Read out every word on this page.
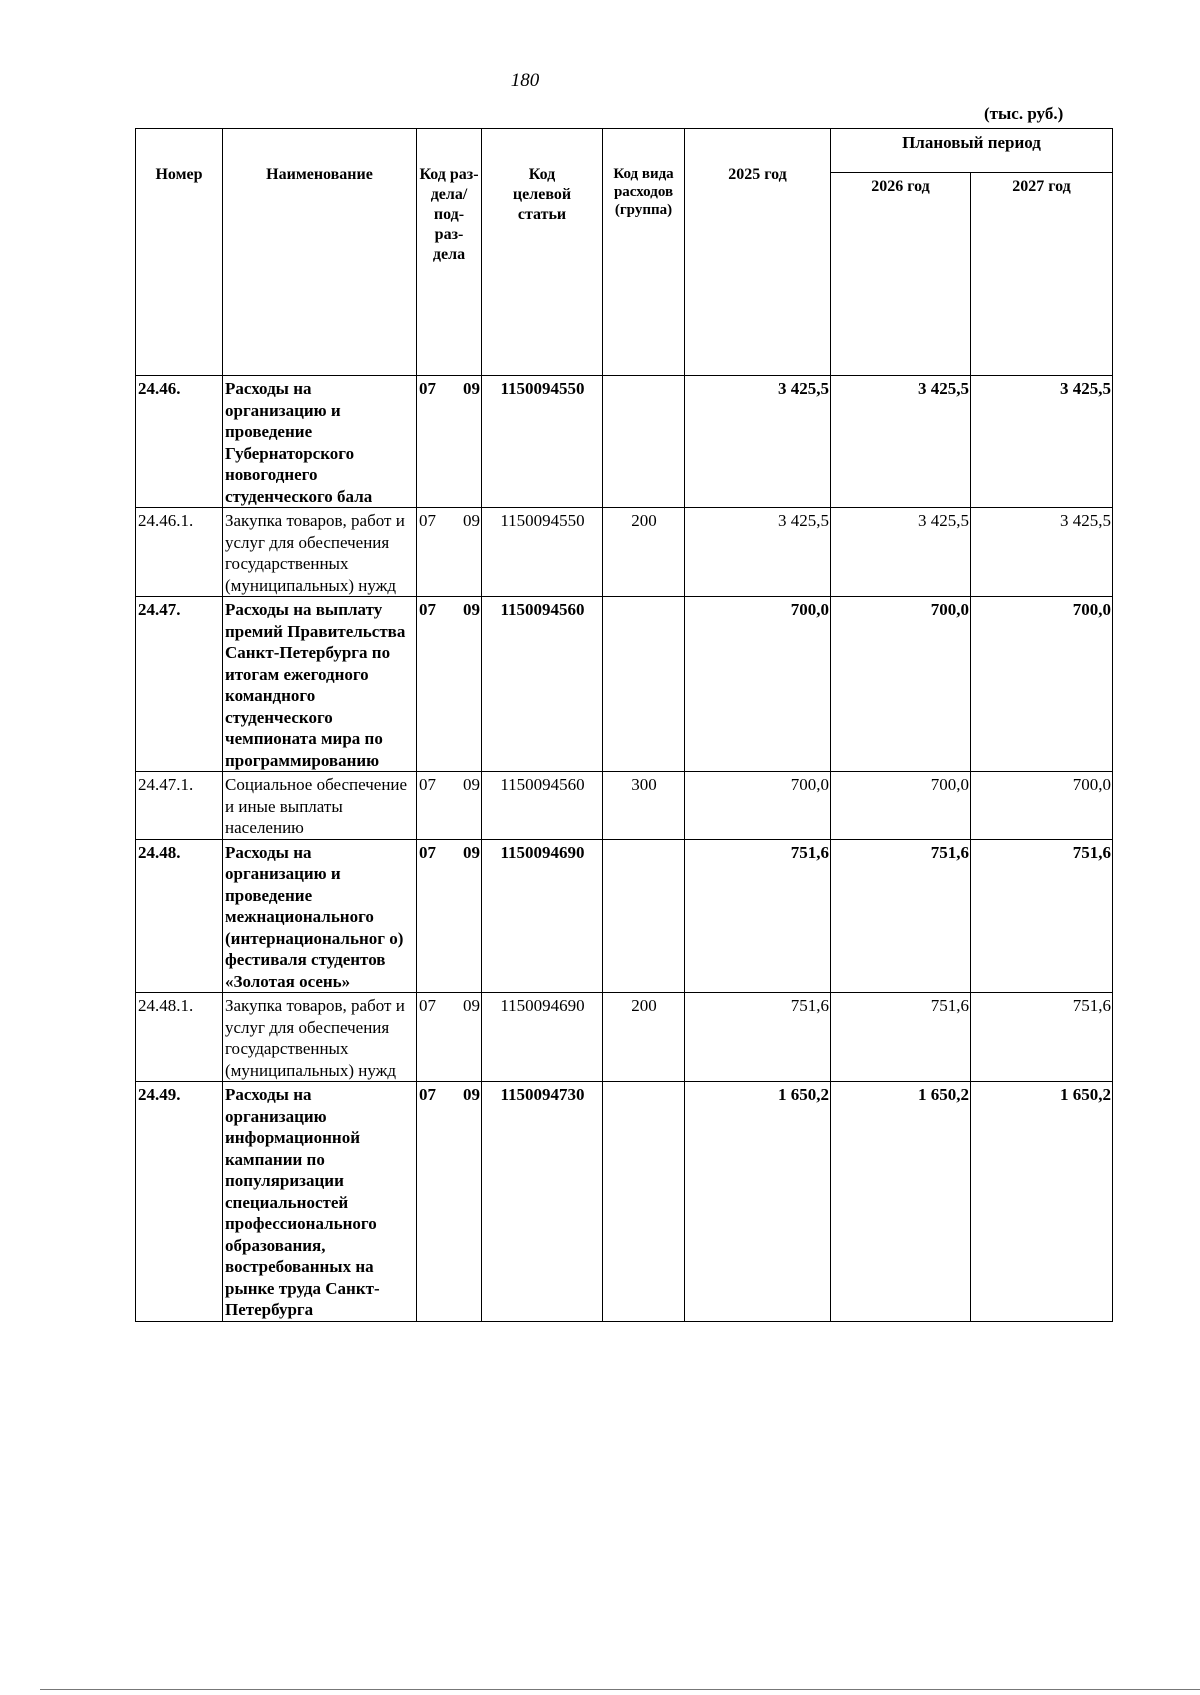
180
(тыс. руб.)
Номер	Наименование	Код раз-
дела/
под-
раз-
дела	Код
целевой
статьи	Код вида
расходов
(группа)	2025 год	Плановый период	
						2026 год	2027 год
24.46.	Расходы на организацию и проведение Губернаторского новогоднего студенческого бала	07 09	1150094550		3 425,5	3 425,5	3 425,5
24.46.1.	Закупка товаров, работ и услуг для обеспечения государственных (муниципальных) нужд	07 09	1150094550	200	3 425,5	3 425,5	3 425,5
24.47.	Расходы на выплату премий Правительства Санкт-Петербурга по итогам ежегодного командного студенческого чемпионата мира по программированию	07 09	1150094560		700,0	700,0	700,0
24.47.1.	Социальное обеспечение и иные выплаты населению	07 09	1150094560	300	700,0	700,0	700,0
24.48.	Расходы на организацию и проведение межнационального (интернациональног о) фестиваля студентов «Золотая осень»	07 09	1150094690		751,6	751,6	751,6
24.48.1.	Закупка товаров, работ и услуг для обеспечения государственных (муниципальных) нужд	07 09	1150094690	200	751,6	751,6	751,6
24.49.	Расходы на организацию информационной кампании по популяризации специальностей профессионального образования, востребованных на рынке труда Санкт-Петербурга	07 09	1150094730		1 650,2	1 650,2	1 650,2
